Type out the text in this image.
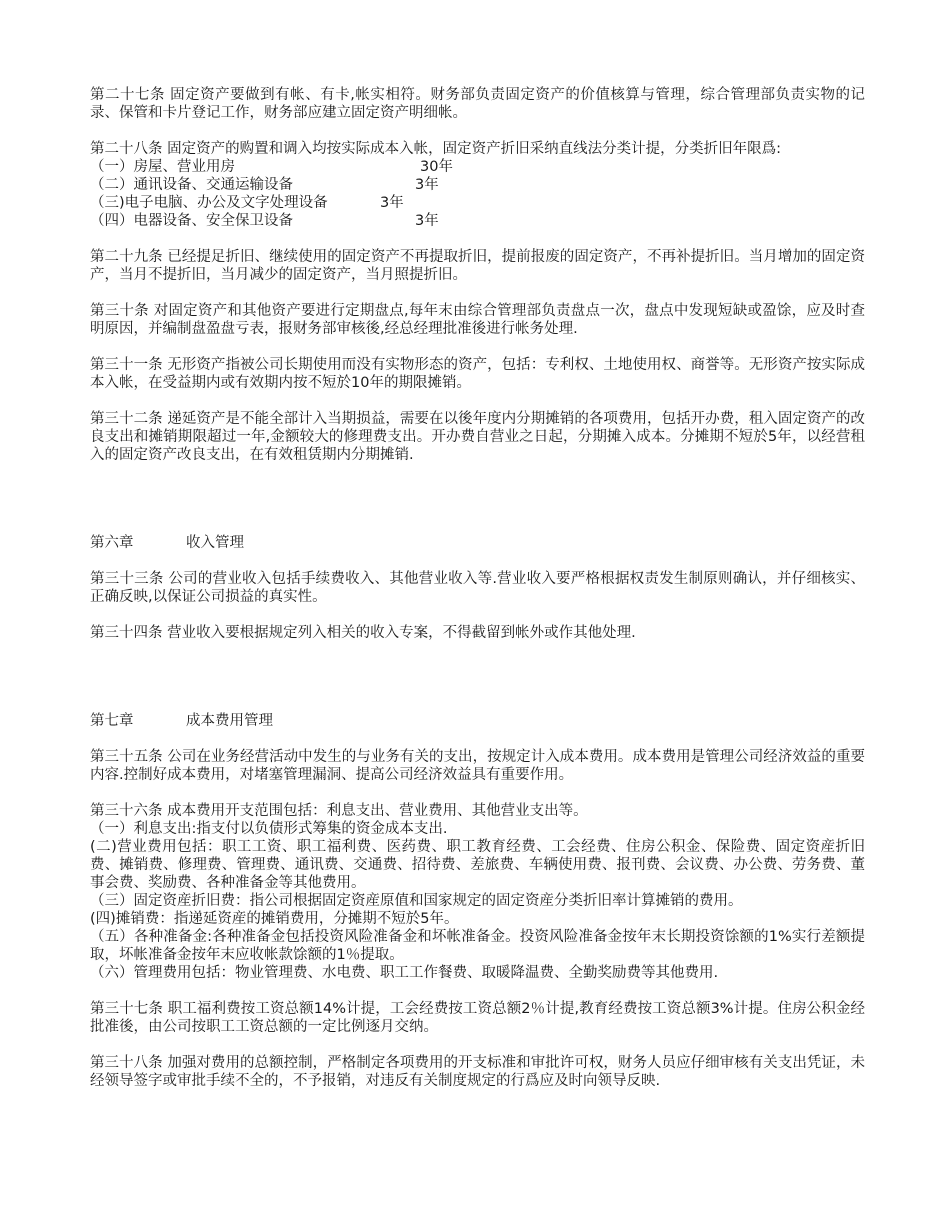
第二十七条 固定资产要做到有帐、有卡,帐实相符。财务部负责固定资产的价值核算与管理，综合管理部负责实物的记录、保管和卡片登记工作，财务部应建立固定资产明细帐。

第二十八条 固定资产的购置和调入均按实际成本入帐，固定资产折旧采纳直线法分类计提，分类折旧年限爲:

（一）房屋、营业用房	30年
（二）通讯设备、交通运输设备	3年
（三)电子电脑、办公及文字处理设备	3年
（四）电器设备、安全保卫设备	3年

第二十九条 已经提足折旧、继续使用的固定资产不再提取折旧，提前报废的固定资产，不再补提折旧。当月增加的固定资产，当月不提折旧，当月减少的固定资产，当月照提折旧。

第三十条 对固定资产和其他资产要进行定期盘点,每年末由综合管理部负责盘点一次，盘点中发现短缺或盈馀，应及时查明原因，并编制盘盈盘亏表，报财务部审核後,经总经理批准後进行帐务处理.

第三十一条 无形资产指被公司长期使用而没有实物形态的资产，包括：专利权、土地使用权、商誉等。无形资产按实际成本入帐，在受益期内或有效期内按不短於10年的期限摊销。

第三十二条 递延资产是不能全部计入当期损益，需要在以後年度内分期摊销的各项费用，包括开办费，租入固定资产的改良支出和摊销期限超过一年,金额较大的修理费支出。开办费自营业之日起，分期摊入成本。分摊期不短於5年，以经营租入的固定资产改良支出，在有效租赁期内分期摊销.

第六章	收入管理

第三十三条 公司的营业收入包括手续费收入、其他营业收入等.营业收入要严格根据权责发生制原则确认，并仔细核实、正确反映,以保证公司损益的真实性。

第三十四条 营业收入要根据规定列入相关的收入专案，不得截留到帐外或作其他处理.

第七章	成本费用管理

第三十五条 公司在业务经营活动中发生的与业务有关的支出，按规定计入成本费用。成本费用是管理公司经济效益的重要内容.控制好成本费用，对堵塞管理漏洞、提高公司经济效益具有重要作用。

第三十六条 成本费用开支范围包括：利息支出、营业费用、其他营业支出等。

（一）利息支出:指支付以负债形式筹集的资金成本支出.

(二)营业费用包括：职工工资、职工福利费、医药费、职工教育经费、工会经费、住房公积金、保险费、固定资産折旧费、摊销费、修理费、管理费、通讯费、交通费、招待费、差旅费、车辆使用费、报刊费、会议费、办公费、劳务费、董事会费、奖励费、各种准备金等其他费用。

（三）固定资産折旧费：指公司根据固定资産原值和国家规定的固定资産分类折旧率计算摊销的费用。

(四)摊销费：指递延资産的摊销费用，分摊期不短於5年。

（五）各种准备金:各种准备金包括投资风险准备金和坏帐准备金。投资风险准备金按年末长期投资馀额的1%实行差额提取，坏帐准备金按年末应收帐款馀额的1％提取。

（六）管理费用包括：物业管理费、水电费、职工工作餐费、取暖降温费、全勤奖励费等其他费用.

第三十七条 职工福利费按工资总额14%计提，工会经费按工资总额2％计提,教育经费按工资总额3%计提。住房公积金经批准後，由公司按职工工资总额的一定比例逐月交纳。

第三十八条 加强对费用的总额控制，严格制定各项费用的开支标准和审批许可权，财务人员应仔细审核有关支出凭证，未经领导签字或审批手续不全的，不予报销，对违反有关制度规定的行爲应及时向领导反映.
